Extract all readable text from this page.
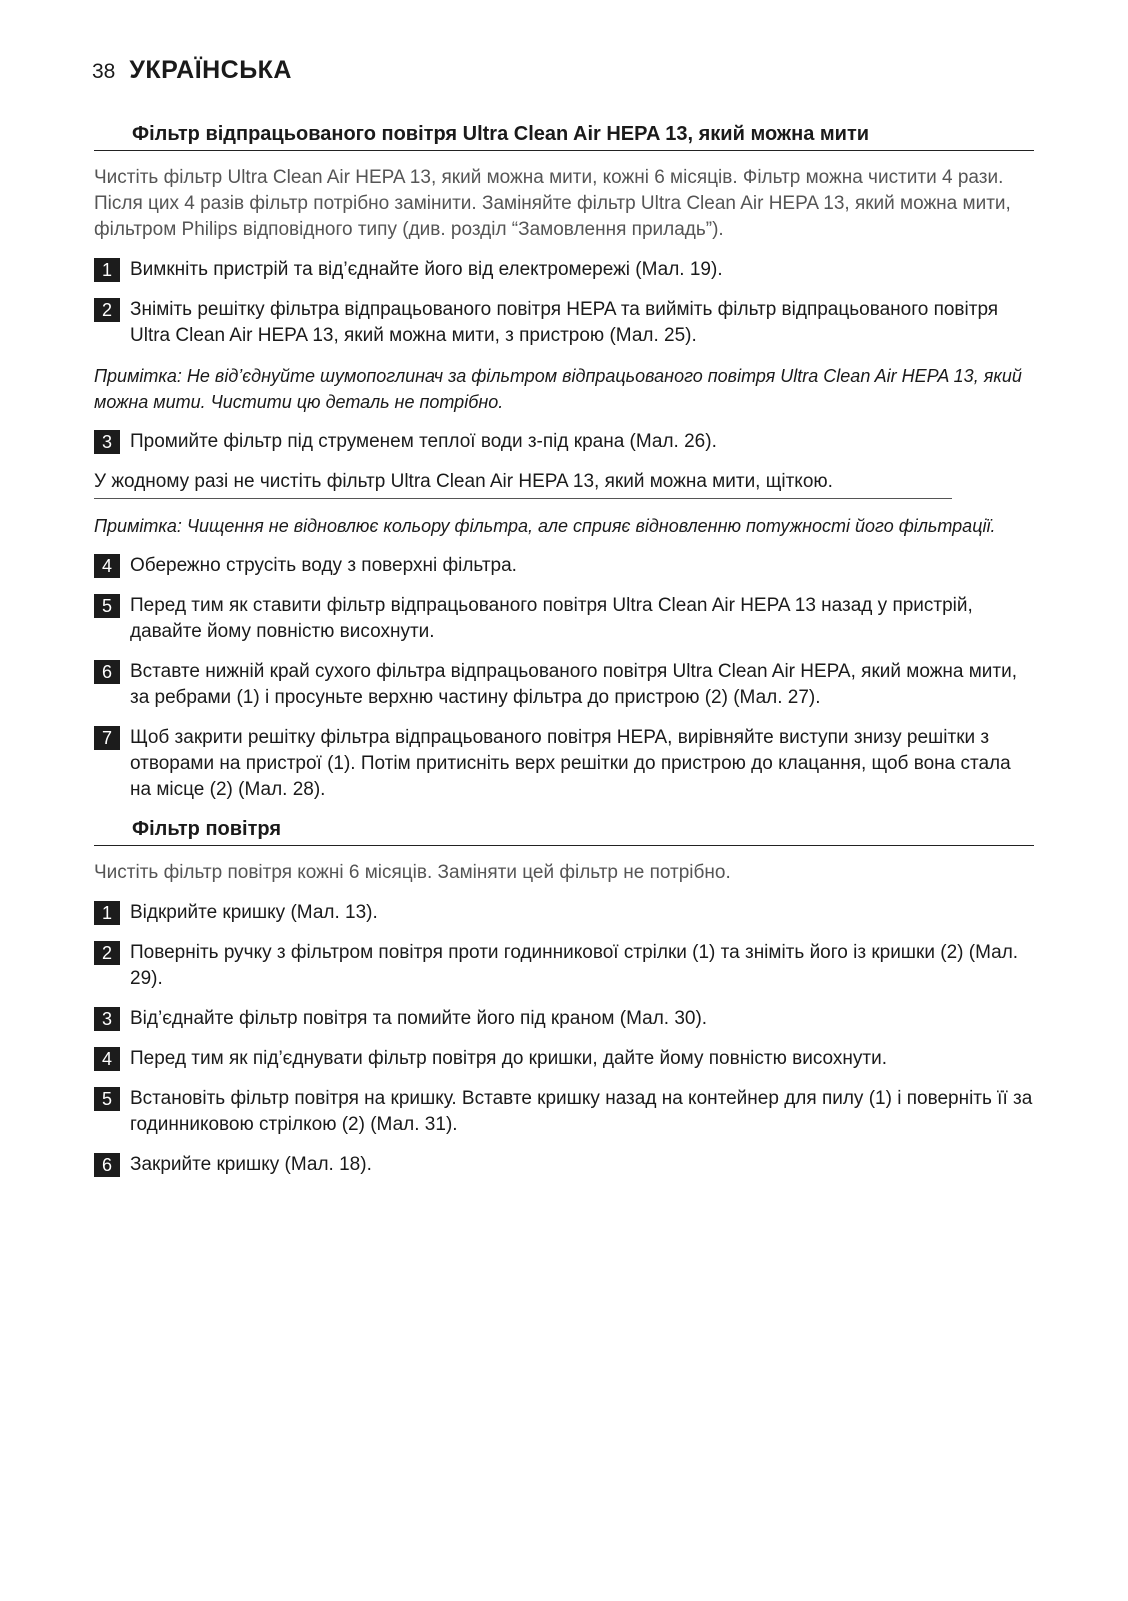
38 УКРАЇНСЬКА
Фільтр відпрацьованого повітря Ultra Clean Air HEPA 13, який можна мити

Чистіть фільтр Ultra Clean Air HEPA 13, який можна мити, кожні 6 місяців. Фільтр можна чистити 4 рази. Після цих 4 разів фільтр потрібно замінити. Заміняйте фільтр Ultra Clean Air HEPA 13, який можна мити, фільтром Philips відповідного типу (див. розділ “Замовлення приладь”).

1 Вимкніть пристрій та від’єднайте його від електромережі (Мал. 19).
2 Зніміть решітку фільтра відпрацьованого повітря HEPA та вийміть фільтр відпрацьованого повітря Ultra Clean Air HEPA 13, який можна мити, з пристрою (Мал. 25).

Примітка: Не від’єднуйте шумопоглинач за фільтром відпрацьованого повітря Ultra Clean Air HEPA 13, який можна мити. Чистити цю деталь не потрібно.

3 Промийте фільтр під струменем теплої води з-під крана (Мал. 26).
У жодному разі не чистіть фільтр Ultra Clean Air HEPA 13, який можна мити, щіткою.

Примітка: Чищення не відновлює кольору фільтра, але сприяє відновленню потужності його фільтрації.

4 Обережно струсіть воду з поверхні фільтра.
5 Перед тим як ставити фільтр відпрацьованого повітря Ultra Clean Air HEPA 13 назад у пристрій, давайте йому повністю висохнути.
6 Вставте нижній край сухого фільтра відпрацьованого повітря Ultra Clean Air HEPA, який можна мити, за ребрами (1) і просуньте верхню частину фільтра до пристрою (2) (Мал. 27).
7 Щоб закрити решітку фільтра відпрацьованого повітря HEPA, вирівняйте виступи знизу решітки з отворами на пристрої (1). Потім притисніть верх решітки до пристрою до клацання, щоб вона стала на місце (2) (Мал. 28).
Фільтр повітря

Чистіть фільтр повітря кожні 6 місяців. Заміняти цей фільтр не потрібно.

1 Відкрийте кришку (Мал. 13).
2 Поверніть ручку з фільтром повітря проти годинникової стрілки (1) та зніміть його із кришки (2) (Мал. 29).
3 Від’єднайте фільтр повітря та помийте його під краном (Мал. 30).
4 Перед тим як під’єднувати фільтр повітря до кришки, дайте йому повністю висохнути.
5 Встановіть фільтр повітря на кришку. Вставте кришку назад на контейнер для пилу (1) і поверніть її за годинниковою стрілкою (2) (Мал. 31).
6 Закрийте кришку (Мал. 18).
